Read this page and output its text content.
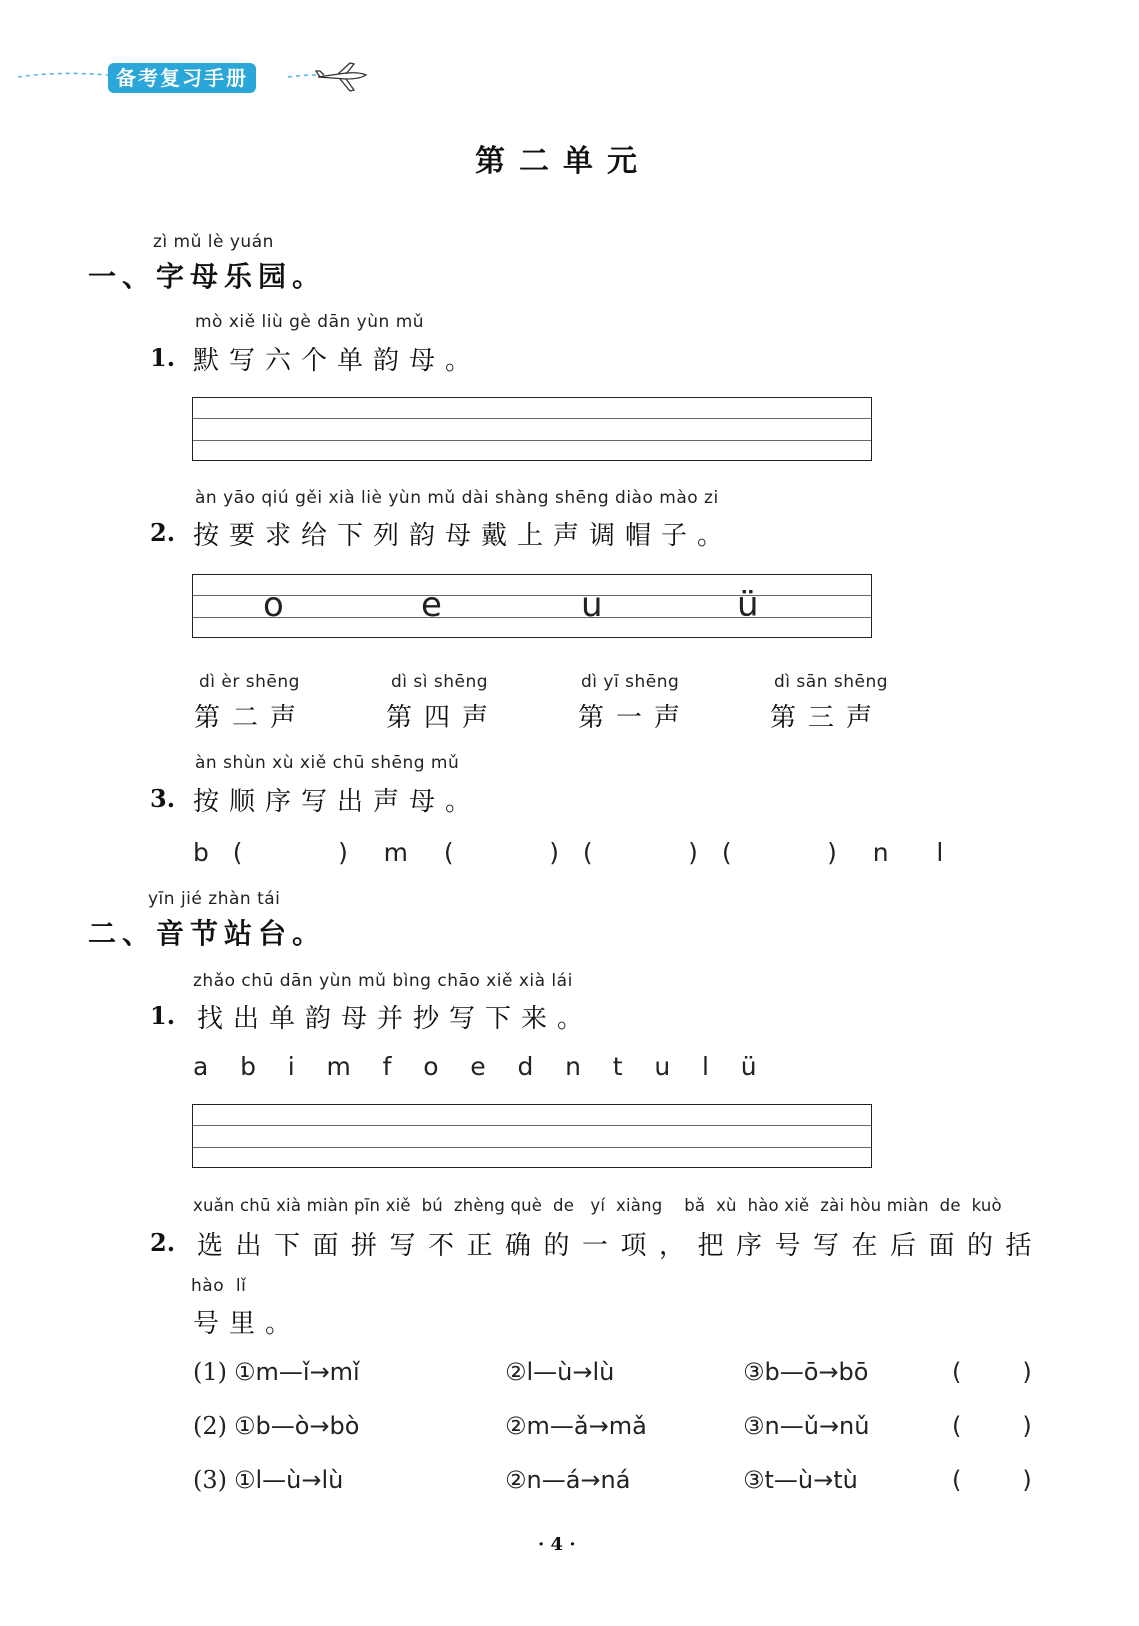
备考复习手册
第二单元
zì mǔ lè yuán
一、字母乐园。
mò xiě liù gè dān yùn mǔ
1. 默写六个单韵母。
àn yāo qiú gěi xià liè yùn mǔ dài shàng shēng diào mào zi
2. 按要求给下列韵母戴上声调帽子。
o	e	u	ü
dì èr shēng
第二声
dì sì shēng
第四声
dì yī shēng
第一声
dì sān shēng
第三声
àn shùn xù xiě chū shēng mǔ
3. 按顺序写出声母。
b  (        )   m   (        )  (        )  (        )   n    l
yīn jié zhàn tái
二、音节站台。
zhǎo chū dān yùn mǔ bìng chāo xiě xià lái
1. 找出单韵母并抄写下来。
a    b    i    m    f    o    e    d    n    t    u    l    ü
xuǎn chū xià miàn pīn xiě  bú  zhèng què  de   yí  xiàng    bǎ  xù  hào xiě  zài hòu miàn  de  kuò
2. 选出下面拼写不正确的一项，把序号写在后面的括
hào  lǐ
号里。
(1) ①m—ǐ→mǐ	②l—ù→lù	③b—ō→bō	(        )
(2) ①b—ò→bò	②m—ǎ→mǎ	③n—ǔ→nǔ	(        )
(3) ①l—ù→lù	②n—á→ná	③t—ù→tù	(        )
· 4 ·
